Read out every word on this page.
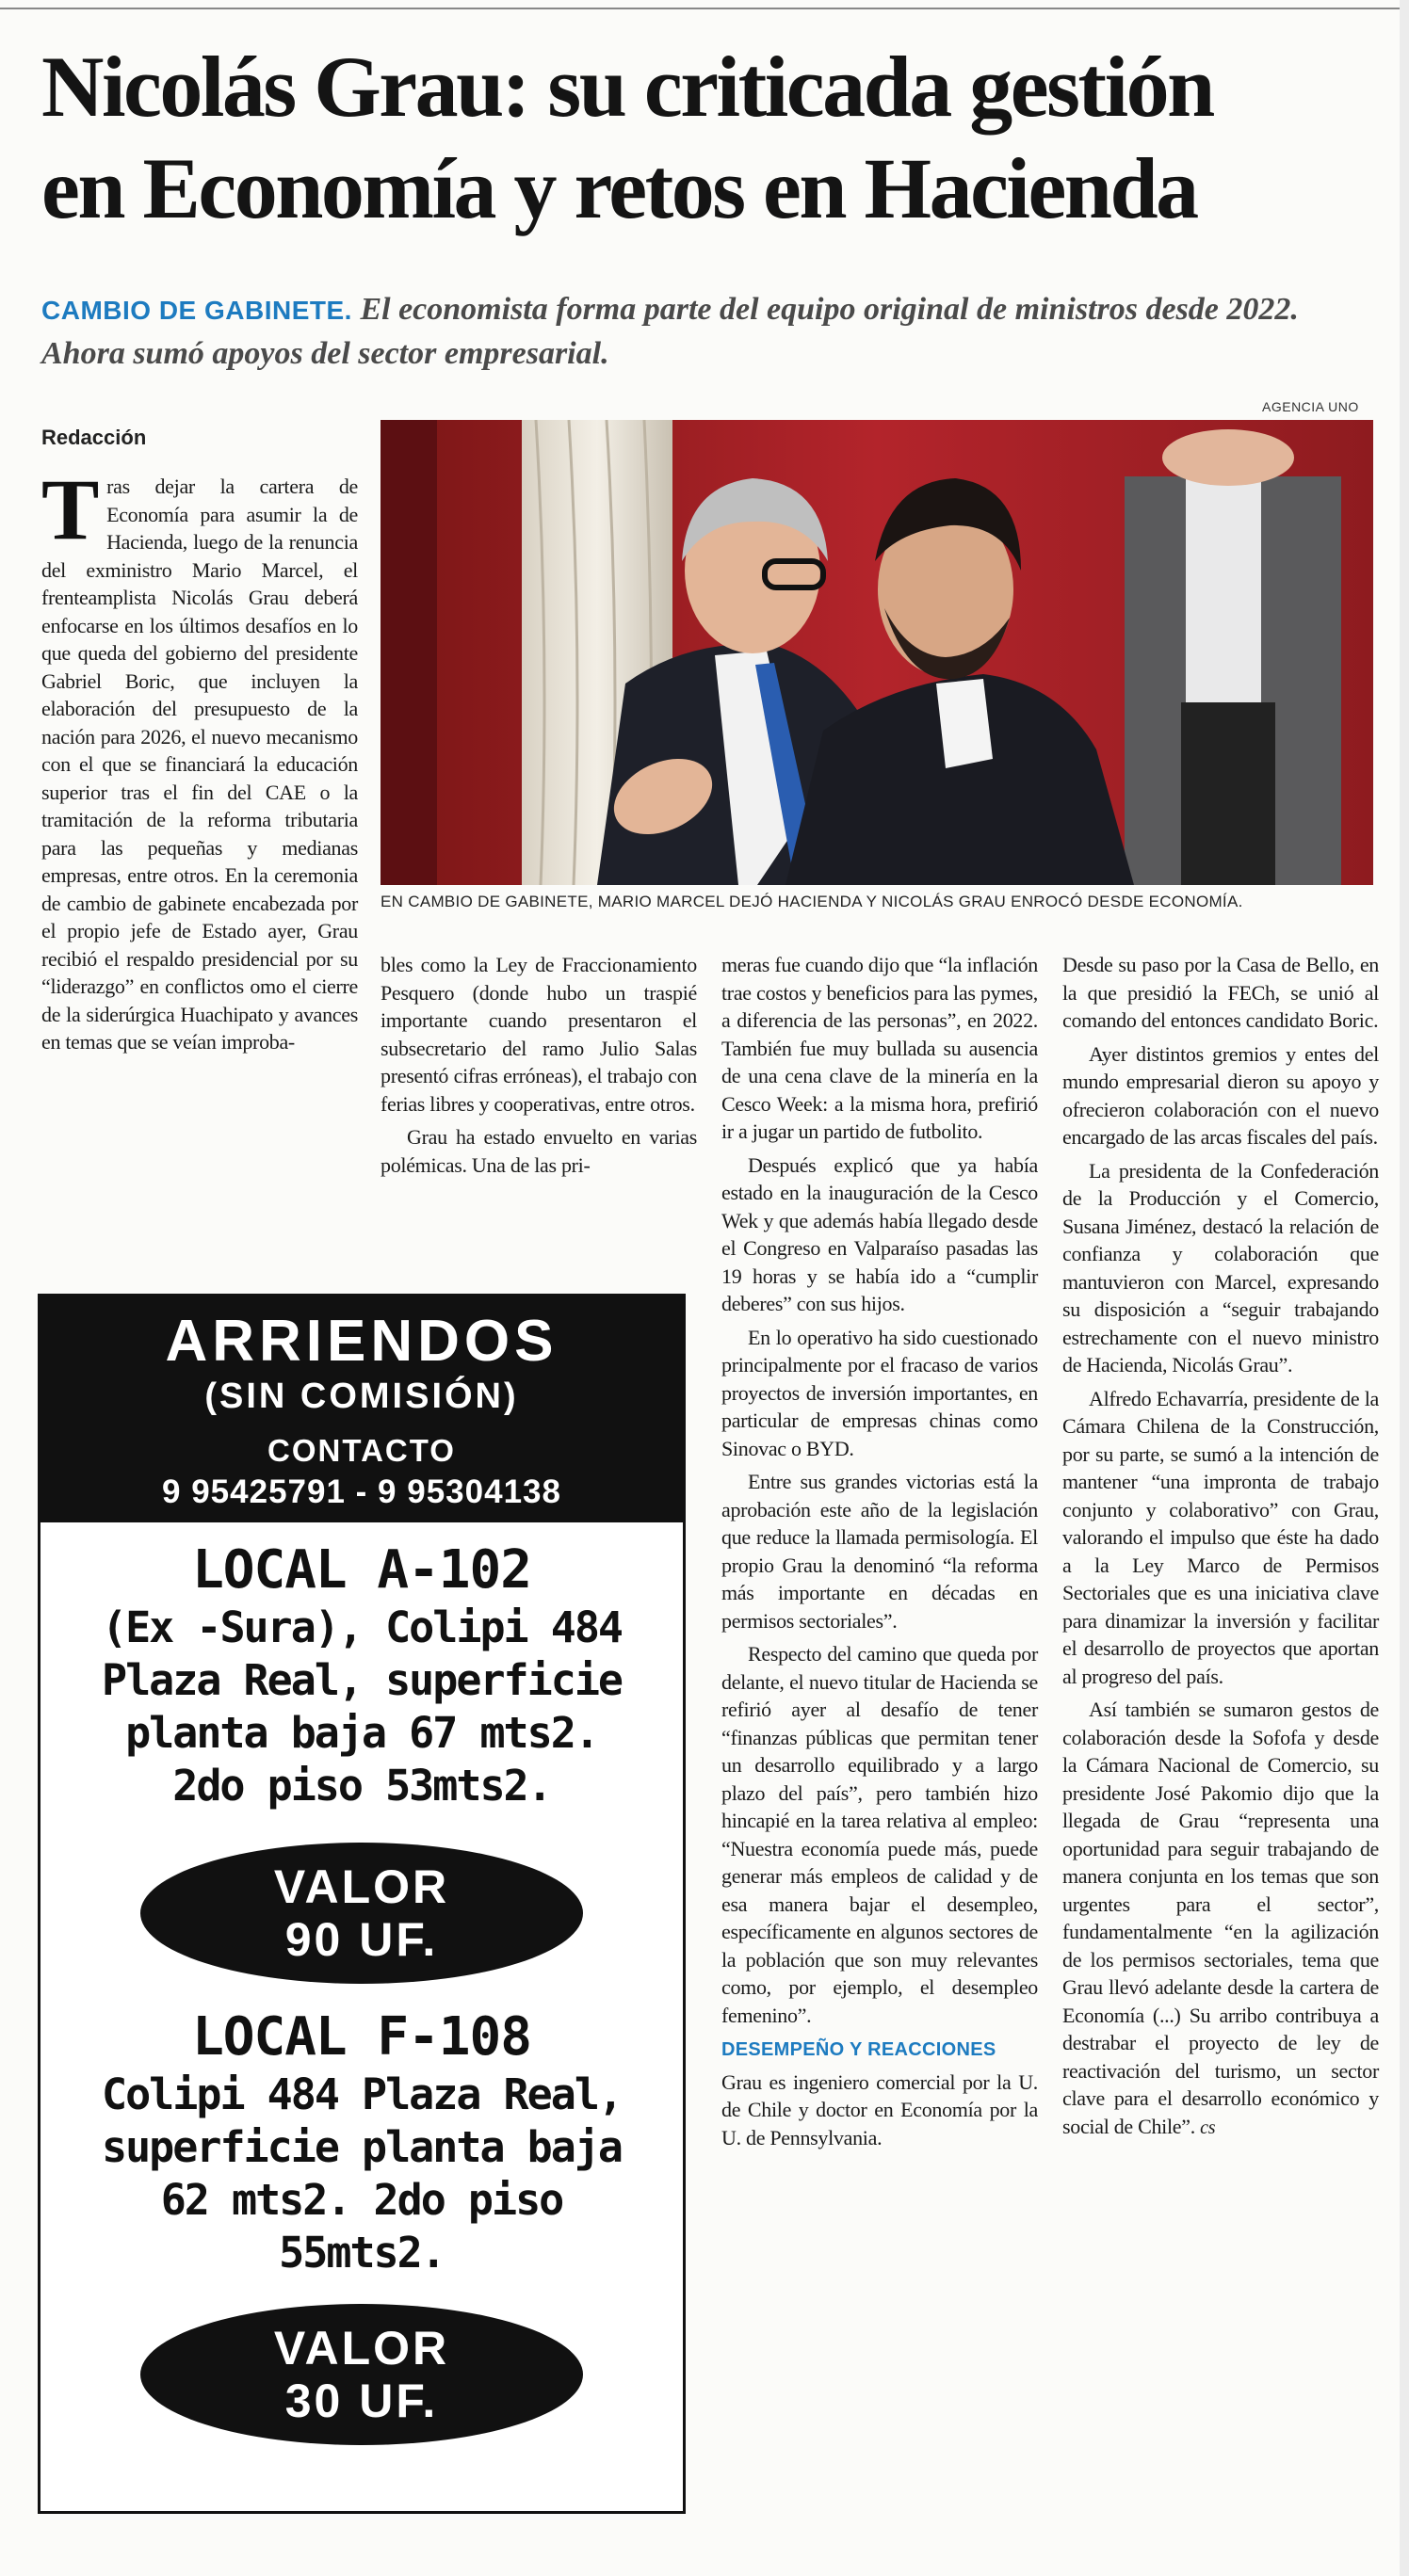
Nicolás Grau: su criticada gestión
en Economía y retos en Hacienda
CAMBIO DE GABINETE. El economista forma parte del equipo original de ministros desde 2022. Ahora sumó apoyos del sector empresarial.
AGENCIA UNO
EN CAMBIO DE GABINETE, MARIO MARCEL DEJÓ HACIENDA Y NICOLÁS GRAU ENROCÓ DESDE ECONOMÍA.
Redacción

Tras dejar la cartera de Economía para asumir la de Hacienda, luego de la renuncia del exministro Mario Marcel, el frenteamplista Nicolás Grau deberá enfocarse en los últimos desafíos en lo que queda del gobierno del presidente Gabriel Boric, que incluyen la elaboración del presupuesto de la nación para 2026, el nuevo mecanismo con el que se financiará la educación superior tras el fin del CAE o la tramitación de la reforma tributaria para las pequeñas y medianas empresas, entre otros. En la ceremonia de cambio de gabinete encabezada por el propio jefe de Estado ayer, Grau recibió el respaldo presidencial por su “liderazgo” en conflictos omo el cierre de la siderúrgica Huachipato y avances en temas que se veían improba-

bles como la Ley de Fraccionamiento Pesquero (donde hubo un traspié importante cuando presentaron el subsecretario del ramo Julio Salas presentó cifras erróneas), el trabajo con ferias libres y cooperativas, entre otros.

Grau ha estado envuelto en varias polémicas. Una de las pri-

meras fue cuando dijo que “la inflación trae costos y beneficios para las pymes, a diferencia de las personas”, en 2022. También fue muy bullada su ausencia de una cena clave de la minería en la Cesco Week: a la misma hora, prefirió ir a jugar un partido de futbolito.

Después explicó que ya había estado en la inauguración de la Cesco Wek y que además había llegado desde el Congreso en Valparaíso pasadas las 19 horas y se había ido a “cumplir deberes” con sus hijos.

En lo operativo ha sido cuestionado principalmente por el fracaso de varios proyectos de inversión importantes, en particular de empresas chinas como Sinovac o BYD.

Entre sus grandes victorias está la aprobación este año de la legislación que reduce la llamada permisología. El propio Grau la denominó “la reforma más importante en décadas en permisos sectoriales”.

Respecto del camino que queda por delante, el nuevo titular de Hacienda se refirió ayer al desafío de tener “finanzas públicas que permitan tener un desarrollo equilibrado y a largo plazo del país”, pero también hizo hincapié en la tarea relativa al empleo: “Nuestra economía puede más, puede generar más empleos de calidad y de esa manera bajar el desempleo, específicamente en algunos sectores de la población que son muy relevantes como, por ejemplo, el desempleo femenino”.

DESEMPEÑO Y REACCIONES

Grau es ingeniero comercial por la U. de Chile y doctor en Economía por la U. de Pennsylvania.

Desde su paso por la Casa de Bello, en la que presidió la FECh, se unió al comando del entonces candidato Boric.

Ayer distintos gremios y entes del mundo empresarial dieron su apoyo y ofrecieron colaboración con el nuevo encargado de las arcas fiscales del país.

La presidenta de la Confederación de la Producción y el Comercio, Susana Jiménez, destacó la relación de confianza y colaboración que mantuvieron con Marcel, expresando su disposición a “seguir trabajando estrechamente con el nuevo ministro de Hacienda, Nicolás Grau”.

Alfredo Echavarría, presidente de la Cámara Chilena de la Construcción, por su parte, se sumó a la intención de mantener “una impronta de trabajo conjunto y colaborativo” con Grau, valorando el impulso que éste ha dado a la Ley Marco de Permisos Sectoriales que es una iniciativa clave para dinamizar la inversión y facilitar el desarrollo de proyectos que aportan al progreso del país.

Así también se sumaron gestos de colaboración desde la Sofofa y desde la Cámara Nacional de Comercio, su presidente José Pakomio dijo que la llegada de Grau “representa una oportunidad para seguir trabajando de manera conjunta en los temas que son urgentes para el sector”, fundamentalmente “en la agilización de los permisos sectoriales, tema que Grau llevó adelante desde la cartera de Economía (...) Su arribo contribuya a destrabar el proyecto de ley de reactivación del turismo, un sector clave para el desarrollo económico y social de Chile”. cs

ARRIENDOS
(SIN COMISIÓN)
CONTACTO
9 95425791 - 9 95304138
LOCAL A-102
(Ex -Sura), Colipi 484
Plaza Real, superficie
planta baja 67 mts2.
2do piso 53mts2.
VALOR
90 UF.
LOCAL F-108
Colipi 484 Plaza Real,
superficie planta baja
62 mts2. 2do piso
55mts2.
VALOR
30 UF.
